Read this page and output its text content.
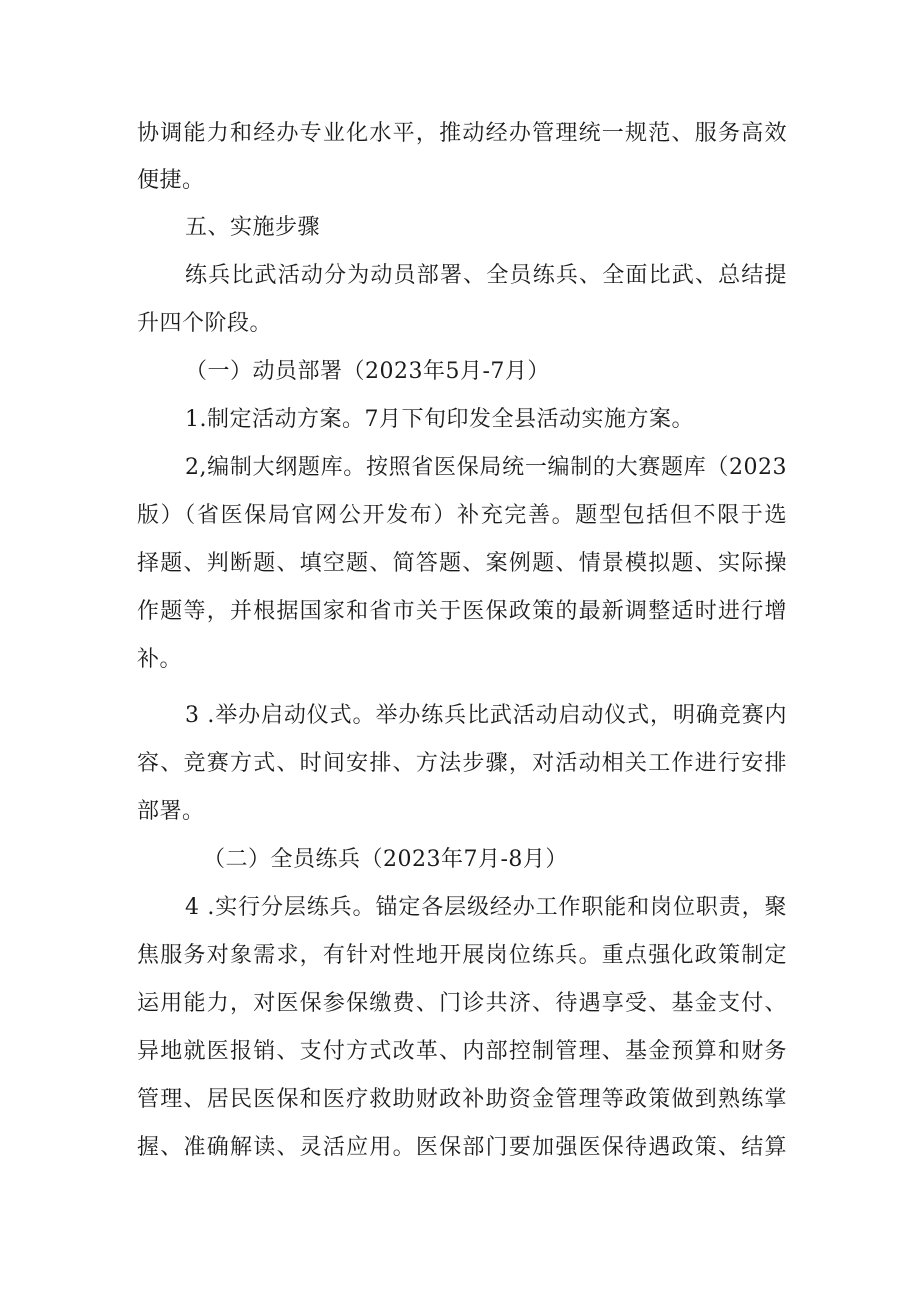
协调能力和经办专业化水平，推动经办管理统一规范、服务高效
便捷。
五、实施步骤
练兵比武活动分为动员部署、全员练兵、全面比武、总结提
升四个阶段。
（一）动员部署（2023年5月-7月）
1.制定活动方案。7月下旬印发全县活动实施方案。
2,编制大纲题库。按照省医保局统一编制的大赛题库（2023
版）（省医保局官网公开发布）补充完善。题型包括但不限于选
择题、判断题、填空题、简答题、案例题、情景模拟题、实际操
作题等，并根据国家和省市关于医保政策的最新调整适时进行增
补。
3 .举办启动仪式。举办练兵比武活动启动仪式，明确竞赛内
容、竞赛方式、时间安排、方法步骤，对活动相关工作进行安排
部署。
（二）全员练兵（2023年7月-8月）
4 .实行分层练兵。锚定各层级经办工作职能和岗位职责，聚
焦服务对象需求，有针对性地开展岗位练兵。重点强化政策制定
运用能力，对医保参保缴费、门诊共济、待遇享受、基金支付、
异地就医报销、支付方式改革、内部控制管理、基金预算和财务
管理、居民医保和医疗救助财政补助资金管理等政策做到熟练掌
握、准确解读、灵活应用。医保部门要加强医保待遇政策、结算
